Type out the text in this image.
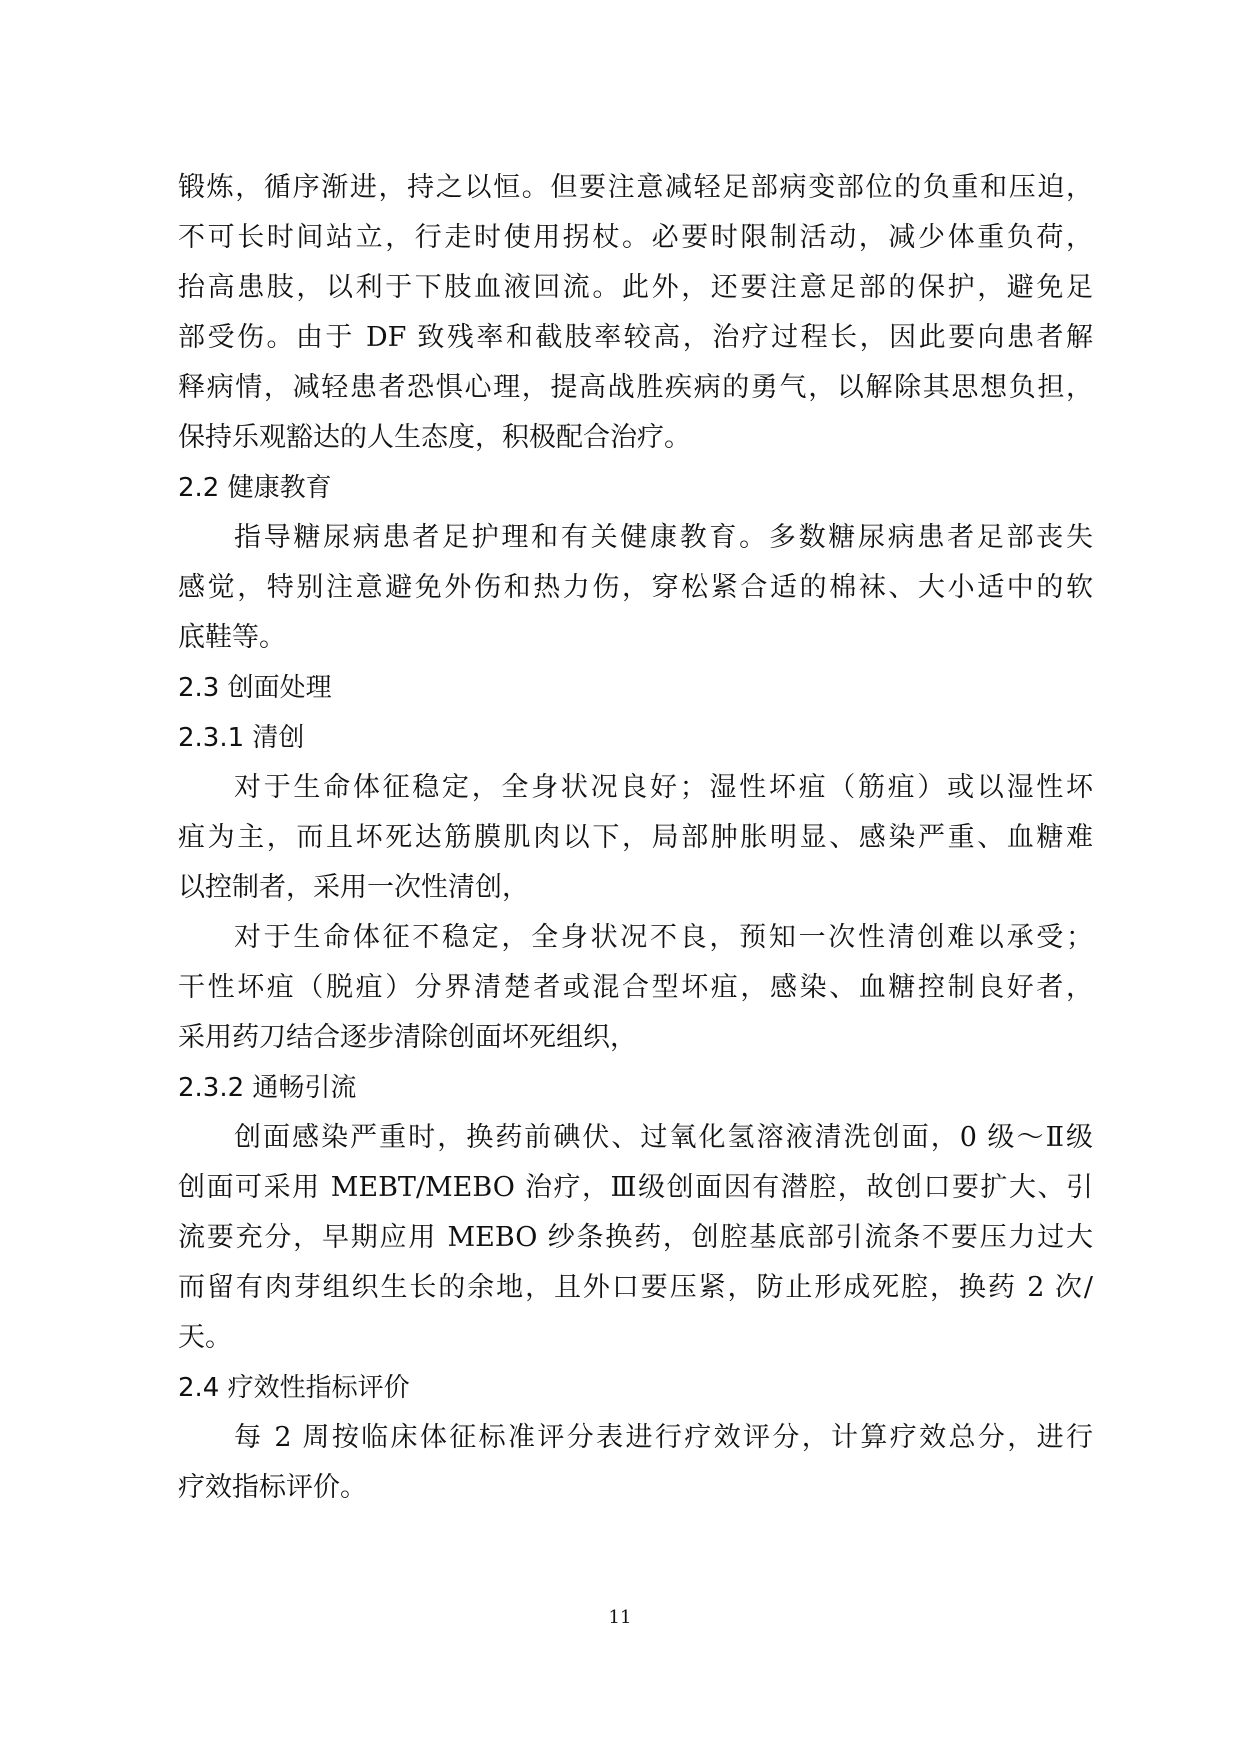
锻炼，循序渐进，持之以恒。但要注意减轻足部病变部位的负重和压迫，
不可长时间站立，行走时使用拐杖。必要时限制活动，减少体重负荷，
抬高患肢，以利于下肢血液回流。此外，还要注意足部的保护，避免足
部受伤。由于 DF 致残率和截肢率较高，治疗过程长，因此要向患者解
释病情，减轻患者恐惧心理，提高战胜疾病的勇气，以解除其思想负担，
保持乐观豁达的人生态度，积极配合治疗。
2.2 健康教育
指导糖尿病患者足护理和有关健康教育。多数糖尿病患者足部丧失
感觉，特别注意避免外伤和热力伤，穿松紧合适的棉袜、大小适中的软
底鞋等。
2.3 创面处理
2.3.1 清创
对于生命体征稳定，全身状况良好；湿性坏疽（筋疽）或以湿性坏
疽为主，而且坏死达筋膜肌肉以下，局部肿胀明显、感染严重、血糖难
以控制者，采用一次性清创，
对于生命体征不稳定，全身状况不良，预知一次性清创难以承受；
干性坏疽（脱疽）分界清楚者或混合型坏疽，感染、血糖控制良好者，
采用药刀结合逐步清除创面坏死组织，
2.3.2 通畅引流
创面感染严重时，换药前碘伏、过氧化氢溶液清洗创面，0 级～Ⅱ级
创面可采用 MEBT/MEBO 治疗，Ⅲ级创面因有潜腔，故创口要扩大、引
流要充分，早期应用 MEBO 纱条换药，创腔基底部引流条不要压力过大
而留有肉芽组织生长的余地，且外口要压紧，防止形成死腔，换药 2 次/
天。
2.4 疗效性指标评价
每 2 周按临床体征标准评分表进行疗效评分，计算疗效总分，进行
疗效指标评价。
11
